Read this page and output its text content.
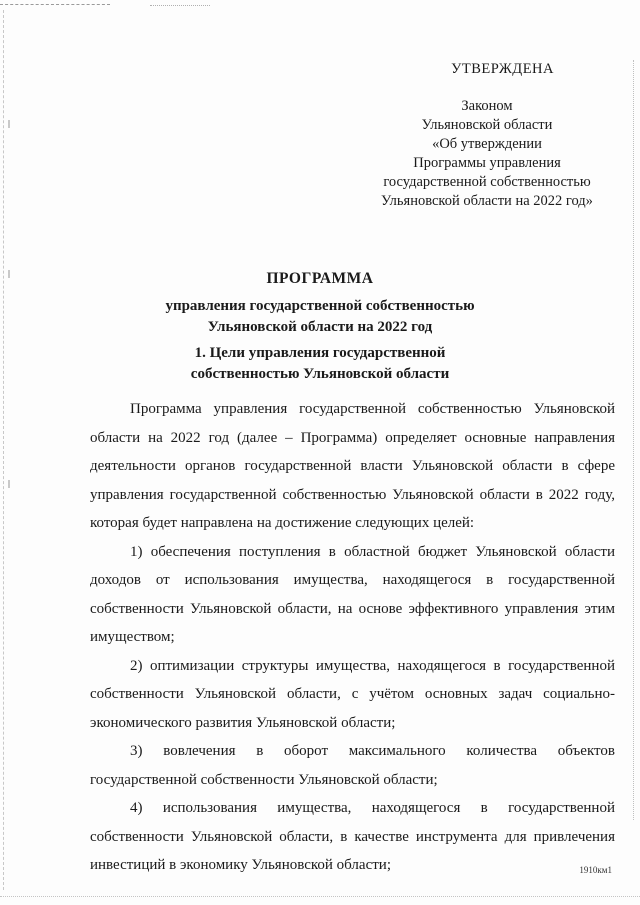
УТВЕРЖДЕНА
Законом
Ульяновской области
«Об утверждении
Программы управления
государственной собственностью
Ульяновской области на 2022 год»
ПРОГРАММА
управления государственной собственностью
Ульяновской области на 2022 год
1. Цели управления государственной
собственностью Ульяновской области

Программа управления государственной собственностью Ульяновской области на 2022 год (далее – Программа) определяет основные направления деятельности органов государственной власти Ульяновской области в сфере управления государственной собственностью Ульяновской области в 2022 году, которая будет направлена на достижение следующих целей:

1) обеспечения поступления в областной бюджет Ульяновской области доходов от использования имущества, находящегося в государственной собственности Ульяновской области, на основе эффективного управления этим имуществом;

2) оптимизации структуры имущества, находящегося в государственной собственности Ульяновской области, с учётом основных задач социально-экономического развития Ульяновской области;

3) вовлечения в оборот максимального количества объектов государственной собственности Ульяновской области;

4) использования имущества, находящегося в государственной собственности Ульяновской области, в качестве инструмента для привлечения инвестиций в экономику Ульяновской области;	1910км1
